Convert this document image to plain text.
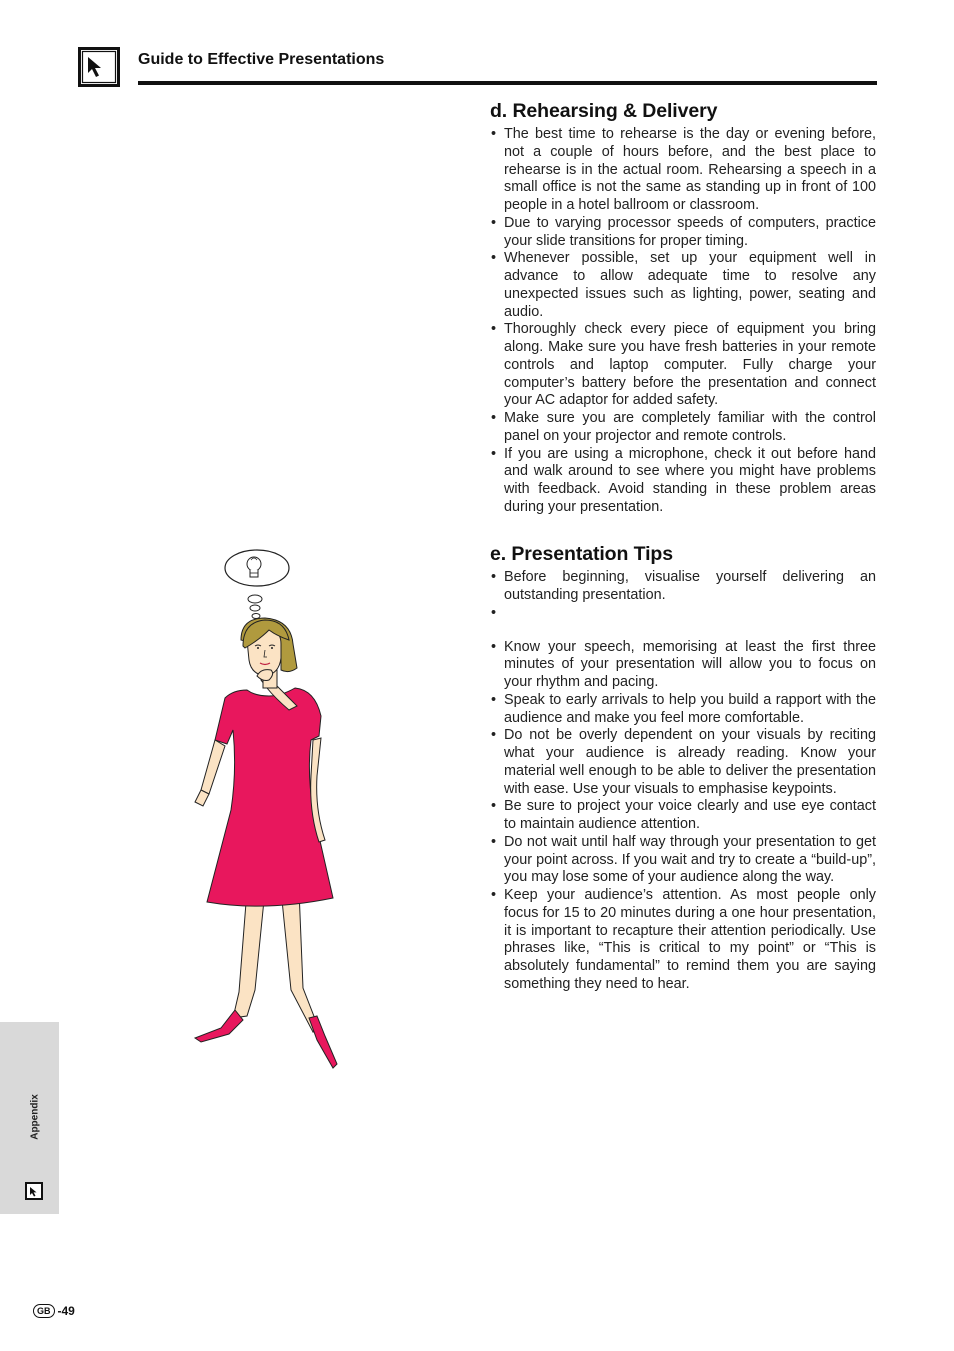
Guide to Effective Presentations
d. Rehearsing & Delivery
• The best time to rehearse is the day or evening before, not a couple of hours before, and the best place to rehearse is in the actual room. Rehearsing a speech in a small office is not the same as standing up in front of 100 people in a hotel ballroom or classroom.
• Due to varying processor speeds of computers, practice your slide transitions for proper timing.
• Whenever possible, set up your equipment well in advance to allow adequate time to resolve any unexpected issues such as lighting, power, seating and audio.
• Thoroughly check every piece of equipment you bring along. Make sure you have fresh batteries in your remote controls and laptop computer. Fully charge your computer’s battery before the presentation and connect your AC adaptor for added safety.
• Make sure you are completely familiar with the control panel on your projector and remote controls.
• If you are using a microphone, check it out before hand and walk around to see where you might have problems with feedback. Avoid standing in these problem areas during your presentation.
e. Presentation Tips
• Before beginning, visualise yourself delivering an outstanding presentation.
•
• Know your speech, memorising at least the first three minutes of your presentation will allow you to focus on your rhythm and pacing.
• Speak to early arrivals to help you build a rapport with the audience and make you feel more comfortable.
• Do not be overly dependent on your visuals by reciting what your audience is already reading. Know your material well enough to be able to deliver the presentation with ease. Use your visuals to emphasise keypoints.
• Be sure to project your voice clearly and use eye contact to maintain audience attention.
• Do not wait until half way through your presentation to get your point across. If you wait and try to create a “build-up”, you may lose some of your audience along the way.
• Keep your audience’s attention. As most people only focus for 15 to 20 minutes during a one hour presentation, it is important to recapture their attention periodically. Use phrases like, “This is critical to my point” or “This is absolutely fundamental” to remind them you are saying something they need to hear.
Appendix
GB -49
